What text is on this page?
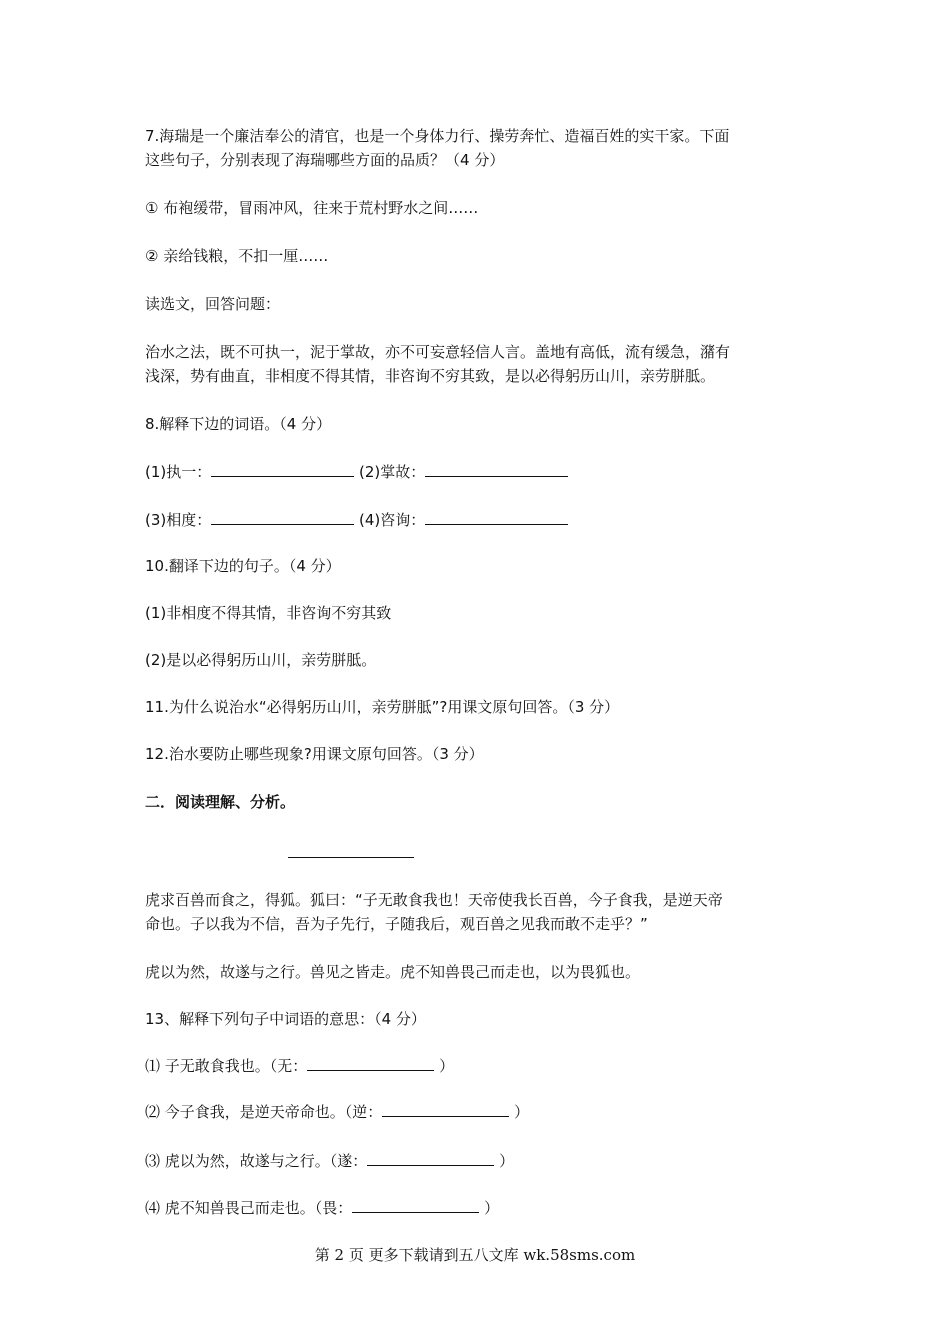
7.海瑞是一个廉洁奉公的清官，也是一个身体力行、操劳奔忙、造福百姓的实干家。下面
这些句子，分别表现了海瑞哪些方面的品质？（4 分）
① 布袍缓带，冒雨冲风，往来于荒村野水之间……
② 亲给钱粮，不扣一厘……
读选文，回答问题：
治水之法，既不可执一，泥于掌故，亦不可妄意轻信人言。盖地有高低，流有缓急，潴有
浅深，势有曲直，非相度不得其情，非咨询不穷其致，是以必得躬历山川，亲劳胼胝。
8.解释下边的词语。（4 分）
(1)执一：	(2)掌故：
(3)相度：	(4)咨询：
10.翻译下边的句子。（4 分）
(1)非相度不得其情，非咨询不穷其致
(2)是以必得躬历山川，亲劳胼胝。
11.为什么说治水“必得躬历山川，亲劳胼胝”?用课文原句回答。（3 分）
12.治水要防止哪些现象?用课文原句回答。（3 分）
二．阅读理解、分析。
虎求百兽而食之，得狐。狐曰：“子无敢食我也！天帝使我长百兽，今子食我，是逆天帝
命也。子以我为不信，吾为子先行，子随我后，观百兽之见我而敢不走乎？”
虎以为然，故遂与之行。兽见之皆走。虎不知兽畏己而走也，以为畏狐也。
13、解释下列句子中词语的意思：（4 分）
⑴ 子无敢食我也。（无：	）
⑵ 今子食我，是逆天帝命也。（逆：	）
⑶ 虎以为然，故遂与之行。（遂：	）
⑷ 虎不知兽畏己而走也。（畏：	）
第 2 页 更多下载请到五八文库 wk.58sms.com
